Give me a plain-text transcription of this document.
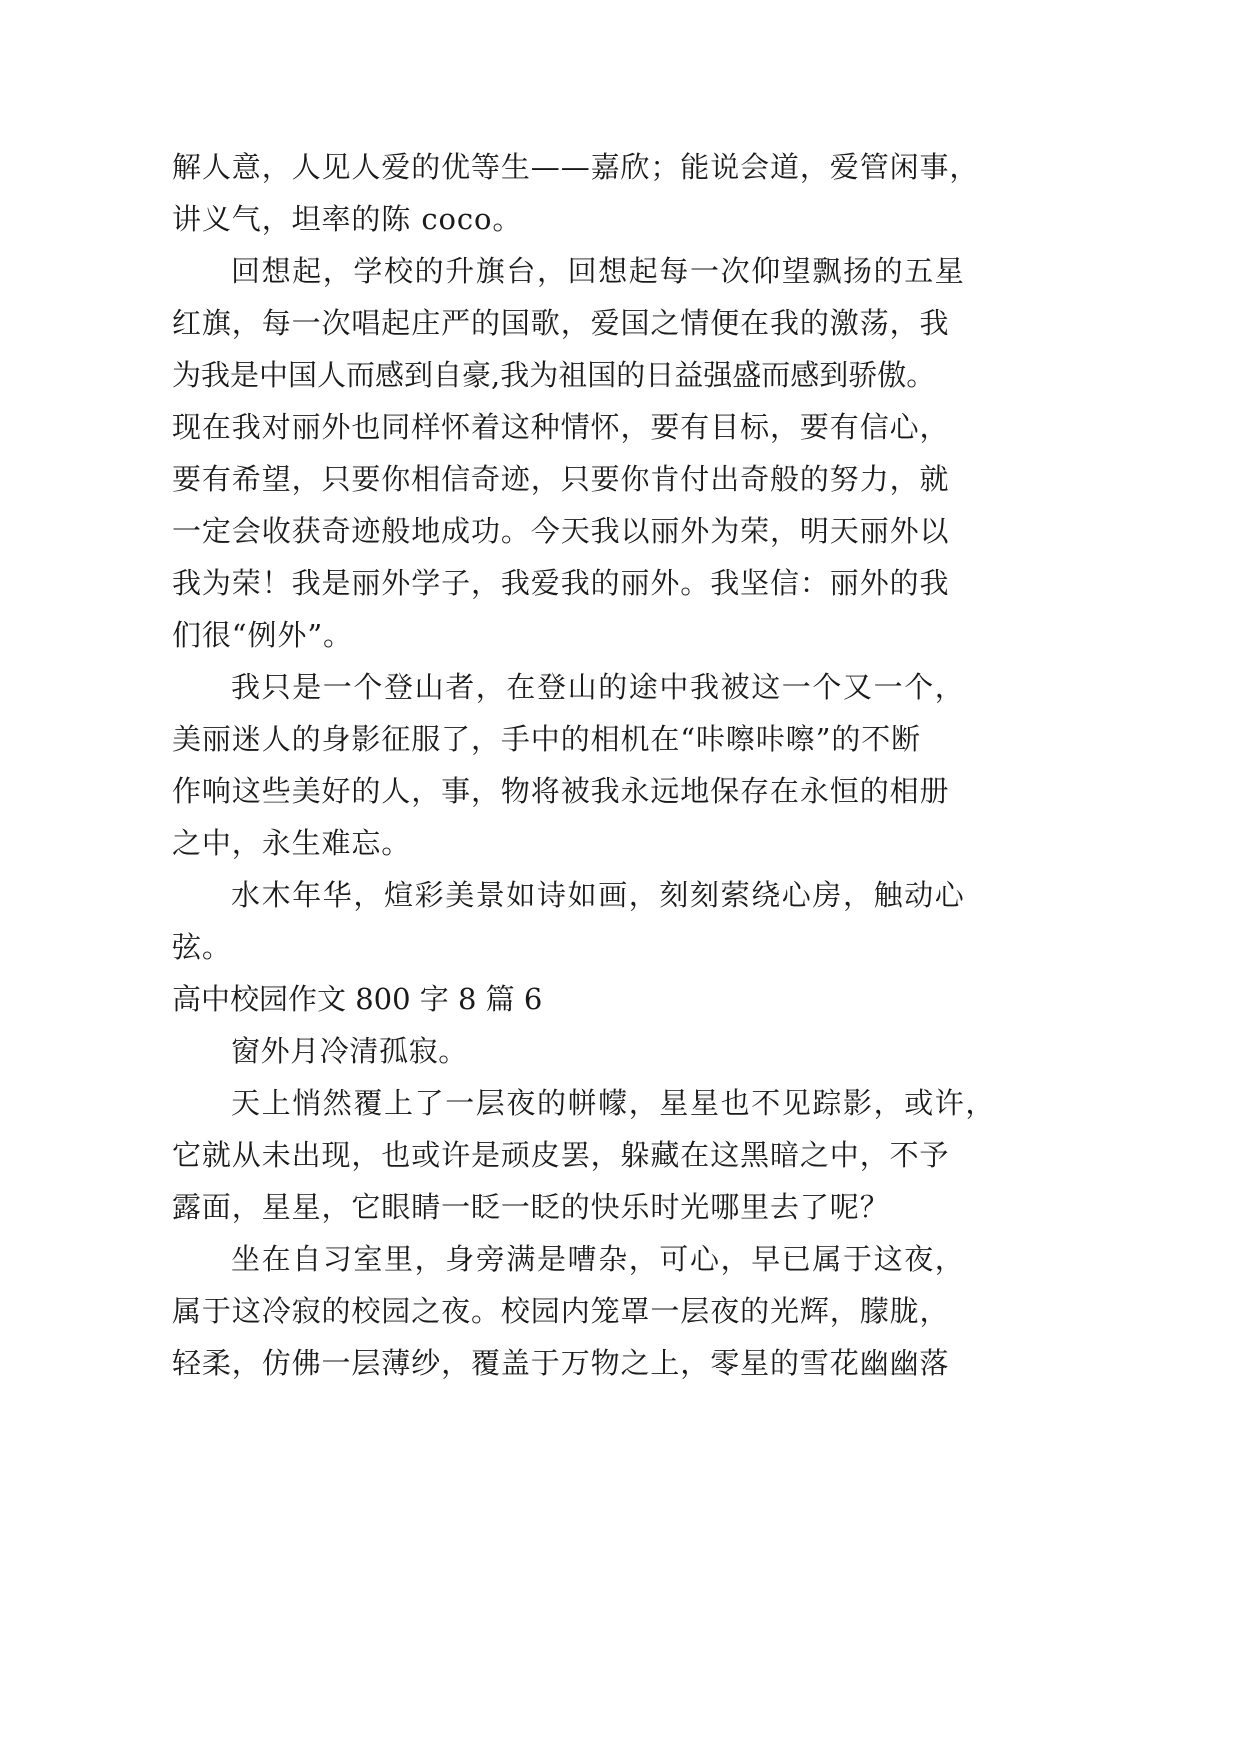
解人意，人见人爱的优等生——嘉欣；能说会道，爱管闲事，
讲义气，坦率的陈 coco。
回想起，学校的升旗台，回想起每一次仰望飘扬的五星
红旗，每一次唱起庄严的国歌，爱国之情便在我的激荡，我
为我是中国人而感到自豪,我为祖国的日益强盛而感到骄傲。
现在我对丽外也同样怀着这种情怀，要有目标，要有信心，
要有希望，只要你相信奇迹，只要你肯付出奇般的努力，就
一定会收获奇迹般地成功。今天我以丽外为荣，明天丽外以
我为荣！我是丽外学子，我爱我的丽外。我坚信：丽外的我
们很“例外”。
我只是一个登山者，在登山的途中我被这一个又一个，
美丽迷人的身影征服了，手中的相机在“咔嚓咔嚓”的不断
作响这些美好的人，事，物将被我永远地保存在永恒的相册
之中，永生难忘。
水木年华，煊彩美景如诗如画，刻刻萦绕心房，触动心
弦。
高中校园作文 800 字 8 篇 6
窗外月冷清孤寂。
天上悄然覆上了一层夜的帡幪，星星也不见踪影，或许，
它就从未出现，也或许是顽皮罢，躲藏在这黑暗之中，不予
露面，星星，它眼睛一眨一眨的快乐时光哪里去了呢？
坐在自习室里，身旁满是嘈杂，可心，早已属于这夜，
属于这冷寂的校园之夜。校园内笼罩一层夜的光辉，朦胧，
轻柔，仿佛一层薄纱，覆盖于万物之上，零星的雪花幽幽落
